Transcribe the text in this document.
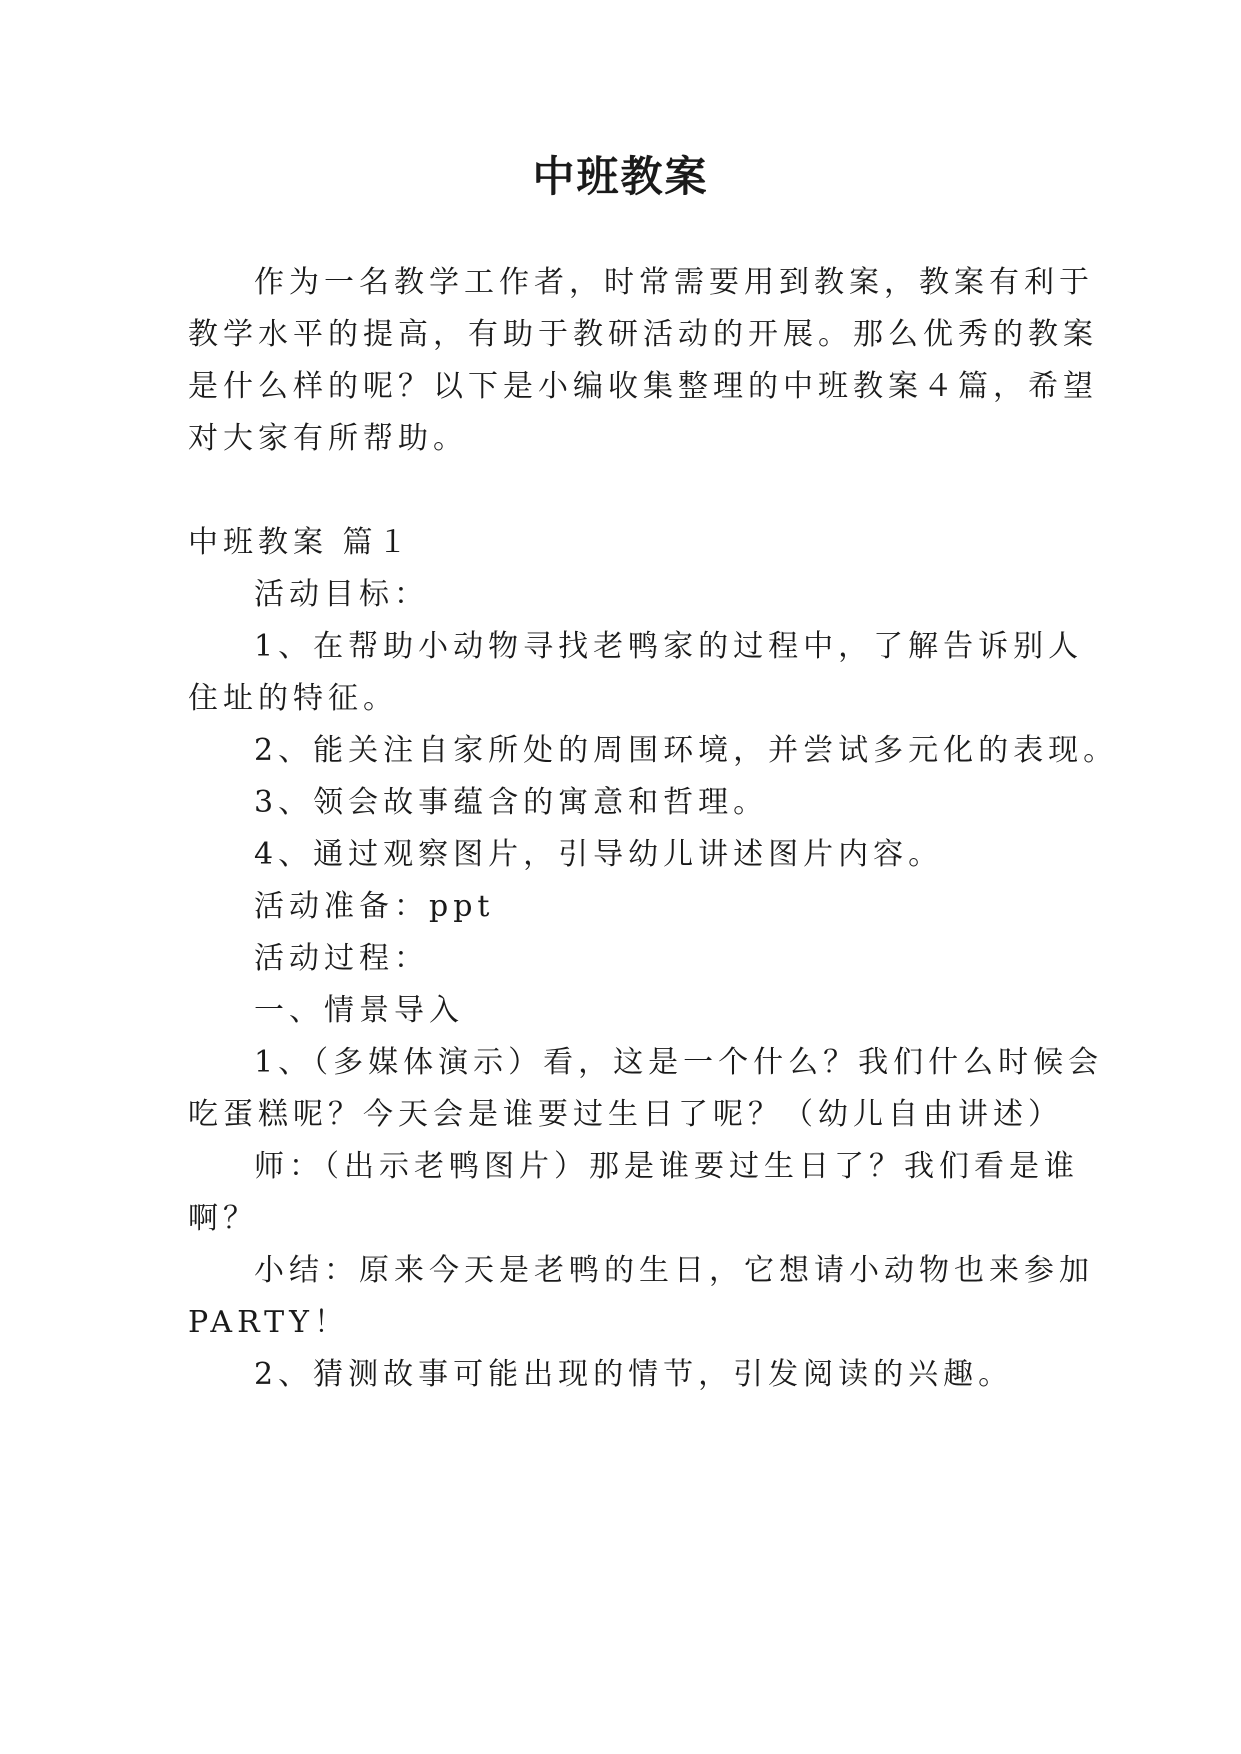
中班教案

作为一名教学工作者，时常需要用到教案，教案有利于

教学水平的提高，有助于教研活动的开展。那么优秀的教案

是什么样的呢？以下是小编收集整理的中班教案４篇，希望

对大家有所帮助。

中班教案 篇１

活动目标：

1、在帮助小动物寻找老鸭家的过程中，了解告诉别人

住址的特征。

2、能关注自家所处的周围环境，并尝试多元化的表现。

3、领会故事蕴含的寓意和哲理。

4、通过观察图片，引导幼儿讲述图片内容。

活动准备：ppt

活动过程：

一、情景导入

1、（多媒体演示）看，这是一个什么？我们什么时候会

吃蛋糕呢？今天会是谁要过生日了呢？（幼儿自由讲述）

师：（出示老鸭图片）那是谁要过生日了？我们看是谁

啊？

小结：原来今天是老鸭的生日，它想请小动物也来参加

PARTY！

2、猜测故事可能出现的情节，引发阅读的兴趣。
